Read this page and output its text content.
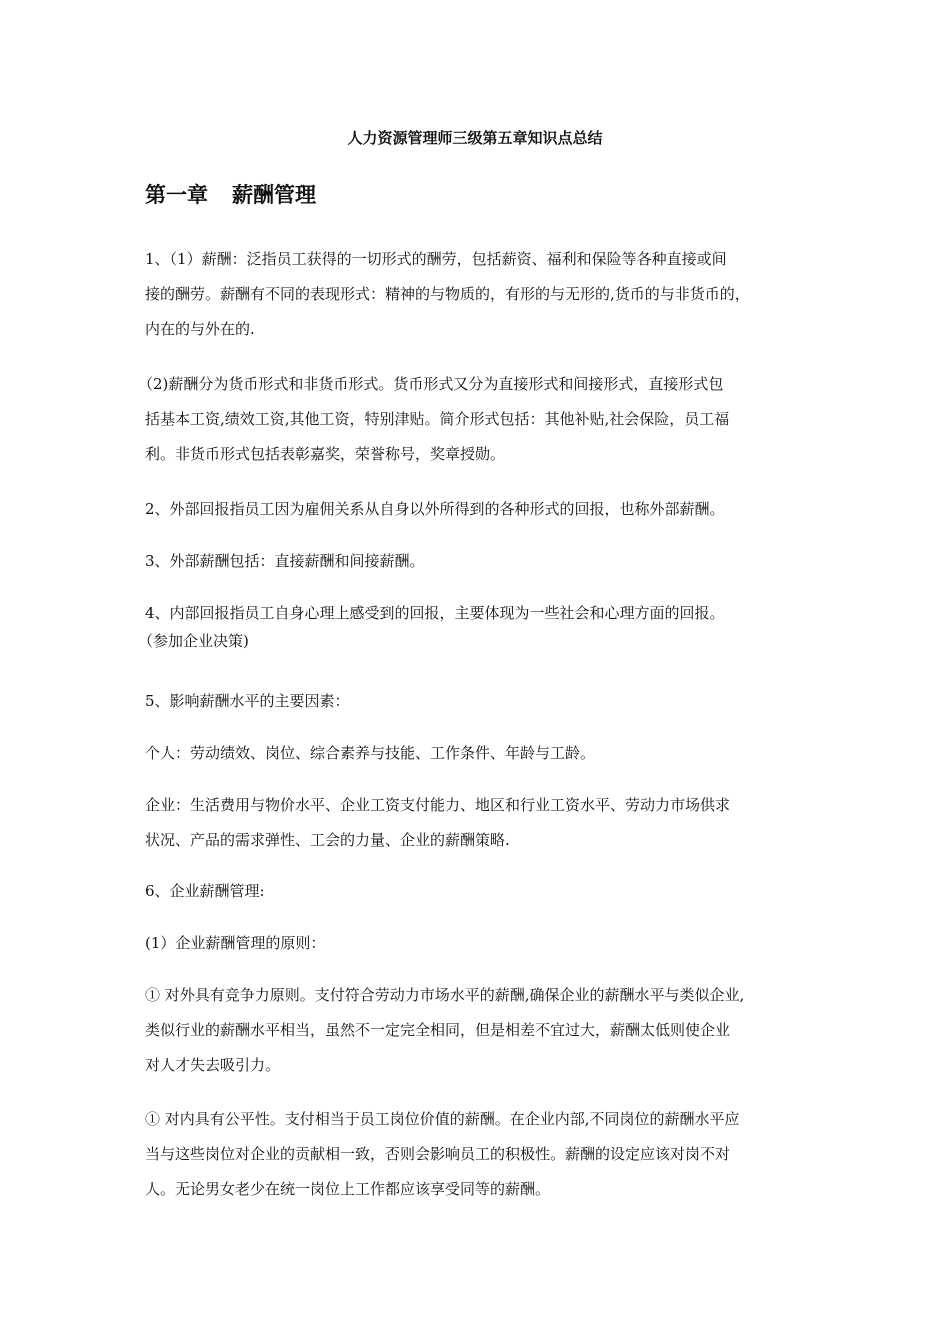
人力资源管理师三级第五章知识点总结
第一章 薪酬管理
1、（1）薪酬：泛指员工获得的一切形式的酬劳，包括薪资、福利和保险等各种直接或间
接的酬劳。薪酬有不同的表现形式：精神的与物质的，有形的与无形的,货币的与非货币的，
内在的与外在的.
（2)薪酬分为货币形式和非货币形式。货币形式又分为直接形式和间接形式，直接形式包
括基本工资,绩效工资,其他工资，特别津贴。简介形式包括：其他补贴,社会保险，员工福
利。非货币形式包括表彰嘉奖，荣誉称号，奖章授勋。
2、外部回报指员工因为雇佣关系从自身以外所得到的各种形式的回报，也称外部薪酬。
3、外部薪酬包括：直接薪酬和间接薪酬。
4、内部回报指员工自身心理上感受到的回报，主要体现为一些社会和心理方面的回报。
（参加企业决策)
5、影响薪酬水平的主要因素：
个人：劳动绩效、岗位、综合素养与技能、工作条件、年龄与工龄。
企业：生活费用与物价水平、企业工资支付能力、地区和行业工资水平、劳动力市场供求
状况、产品的需求弹性、工会的力量、企业的薪酬策略.
6、企业薪酬管理:
(1）企业薪酬管理的原则：
① 对外具有竞争力原则。支付符合劳动力市场水平的薪酬,确保企业的薪酬水平与类似企业,
类似行业的薪酬水平相当，虽然不一定完全相同，但是相差不宜过大，薪酬太低则使企业
对人才失去吸引力。
① 对内具有公平性。支付相当于员工岗位价值的薪酬。在企业内部,不同岗位的薪酬水平应
当与这些岗位对企业的贡献相一致，否则会影响员工的积极性。薪酬的设定应该对岗不对
人。无论男女老少在统一岗位上工作都应该享受同等的薪酬。
